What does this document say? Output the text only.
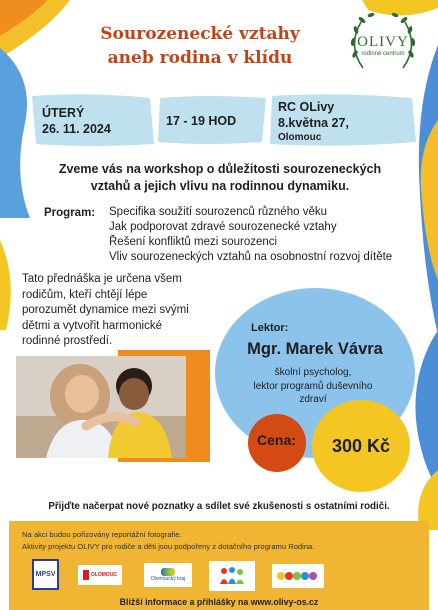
Sourozenecké vztahy
aneb rodina v klídu
OLIVY
rodinné centrum
ÚTERÝ
26. 11. 2024
17 - 19 HOD
RC OLivy
8.května 27,
Olomouc
Zveme vás na workshop o důležitosti sourozeneckých
vztahů a jejich vlivu na rodinnou dynamiku.
Program: Specifika soužití sourozenců různého věku
Jak podporovat zdravé sourozenecké vztahy
Řešení konfliktů mezi sourozenci
Vliv sourozeneckých vztahů na osobnostní rozvoj dítěte
Tato přednáška je určena všem
rodičům, kteří chtějí lépe
porozumět dynamice mezi svými
dětmi a vytvořit harmonické
rodinné prostředí.
Lektor:
Mgr. Marek Vávra
školní psycholog,
lektor programů duševního
zdraví
Cena:	300 Kč
Přijďte načerpat nové poznatky a sdílet své zkušenosti s ostatními rodiči.
Na akci budou pořizovány reportážní fotografie.
Aktivity projektu OLIVY pro rodiče a děti jsou podpořeny z dotačního programu Rodina.
MPSV	OLOMOUC
Olomoucký kraj
Bližší informace a přihlášky na www.olivy-os.cz
